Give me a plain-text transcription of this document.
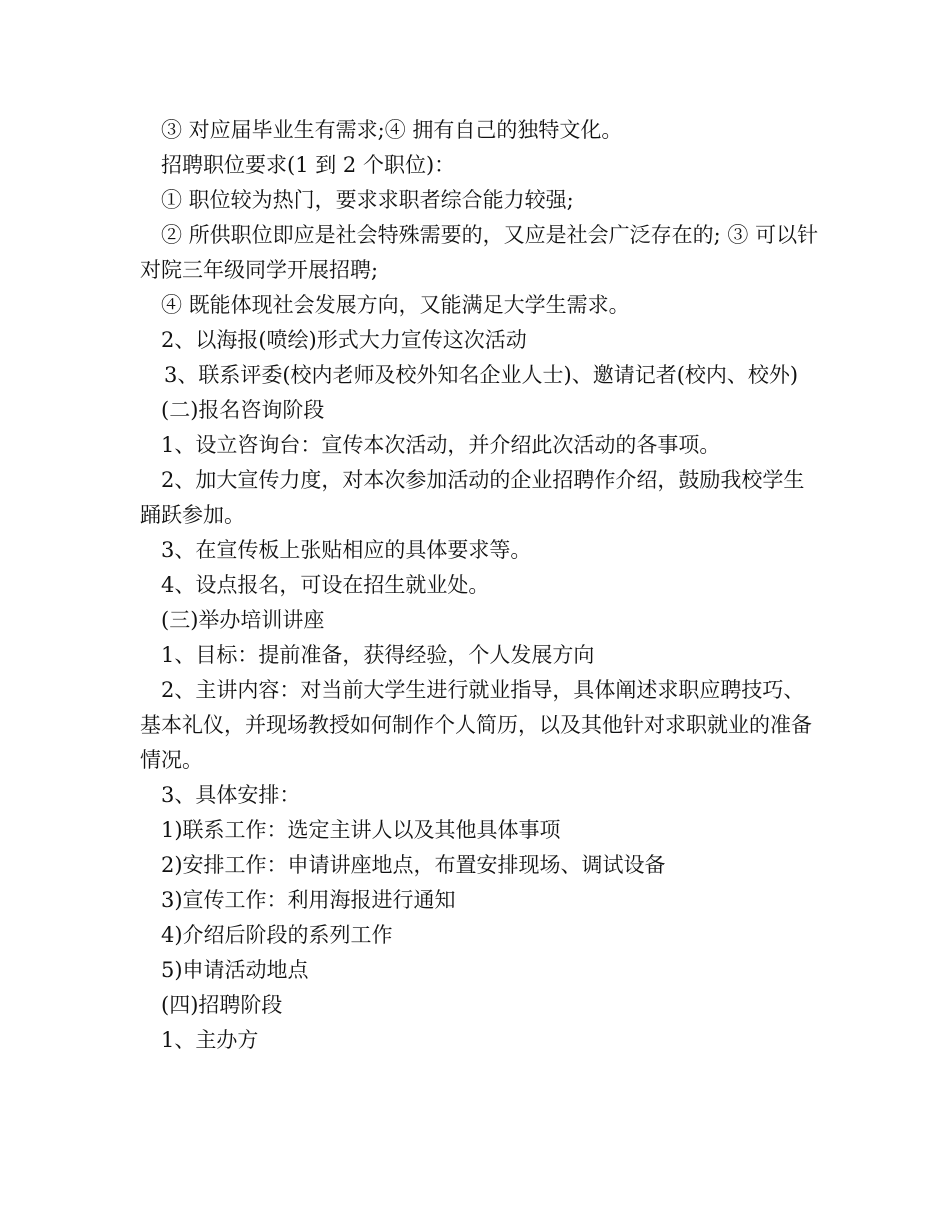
③ 对应届毕业生有需求;④ 拥有自己的独特文化。

招聘职位要求(1 到 2 个职位)：

① 职位较为热门，要求求职者综合能力较强;

② 所供职位即应是社会特殊需要的，又应是社会广泛存在的; ③ 可以针对院三年级同学开展招聘;

④ 既能体现社会发展方向，又能满足大学生需求。

2、以海报(喷绘)形式大力宣传这次活动

3、联系评委(校内老师及校外知名企业人士)、邀请记者(校内、校外)

(二)报名咨询阶段

1、设立咨询台：宣传本次活动，并介绍此次活动的各事项。

2、加大宣传力度，对本次参加活动的企业招聘作介绍，鼓励我校学生踊跃参加。

3、在宣传板上张贴相应的具体要求等。

4、设点报名，可设在招生就业处。

(三)举办培训讲座

1、目标：提前准备，获得经验，个人发展方向

2、主讲内容：对当前大学生进行就业指导，具体阐述求职应聘技巧、基本礼仪，并现场教授如何制作个人简历，以及其他针对求职就业的准备情况。

3、具体安排：

1)联系工作：选定主讲人以及其他具体事项

2)安排工作：申请讲座地点，布置安排现场、调试设备

3)宣传工作：利用海报进行通知

4)介绍后阶段的系列工作

5)申请活动地点

(四)招聘阶段

1、主办方
